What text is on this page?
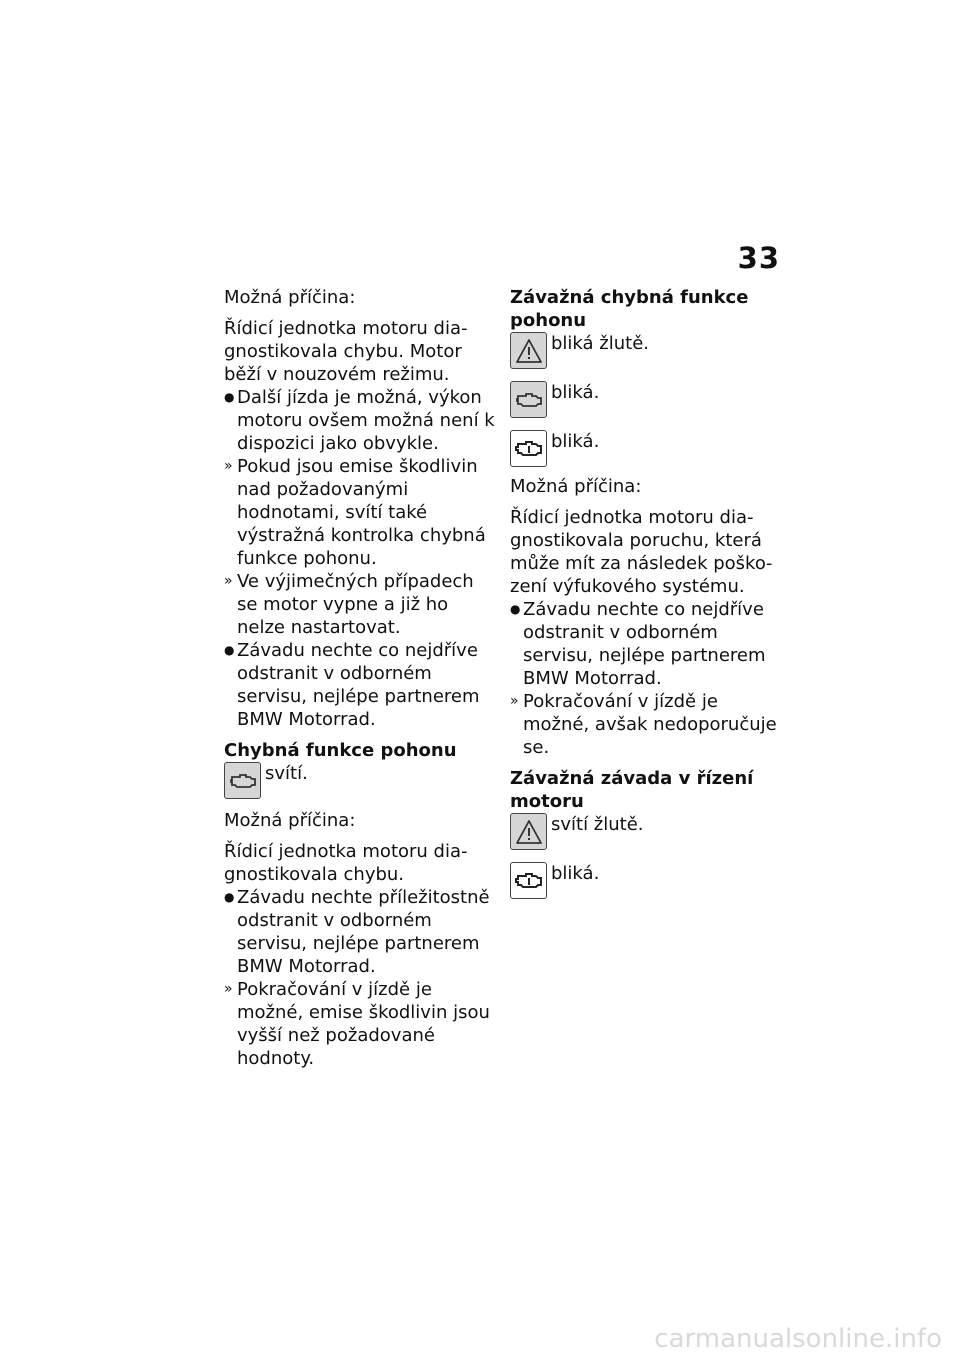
33

Možná příčina:

Řídicí jednotka motoru diagnostikovala chybu. Motor běží v nouzovém režimu.

● Další jízda je možná, výkon motoru ovšem možná není k dispozici jako obvykle.
» Pokud jsou emise škodlivin nad požadovanými hodnotami, svítí také výstražná kontrolka chybná funkce pohonu.
» Ve výjimečných případech se motor vypne a již ho nelze nastartovat.
● Závadu nechte co nejdříve odstranit v odborném servisu, nejlépe partnerem BMW Motorrad.

Chybná funkce pohonu

svítí.

Možná příčina:

Řídicí jednotka motoru diagnostikovala chybu.

● Závadu nechte příležitostně odstranit v odborném servisu, nejlépe partnerem BMW Motorrad.
» Pokračování v jízdě je možné, emise škodlivin jsou vyšší než požadované hodnoty.

Závažná chybná funkce pohonu

bliká žlutě.
bliká.
bliká.

Možná příčina:

Řídicí jednotka motoru diagnostikovala poruchu, která může mít za následek poškození výfukového systému.

● Závadu nechte co nejdříve odstranit v odborném servisu, nejlépe partnerem BMW Motorrad.
» Pokračování v jízdě je možné, avšak nedoporučuje se.

Závažná závada v řízení motoru

svítí žlutě.
bliká.
carmanualsonline.info
